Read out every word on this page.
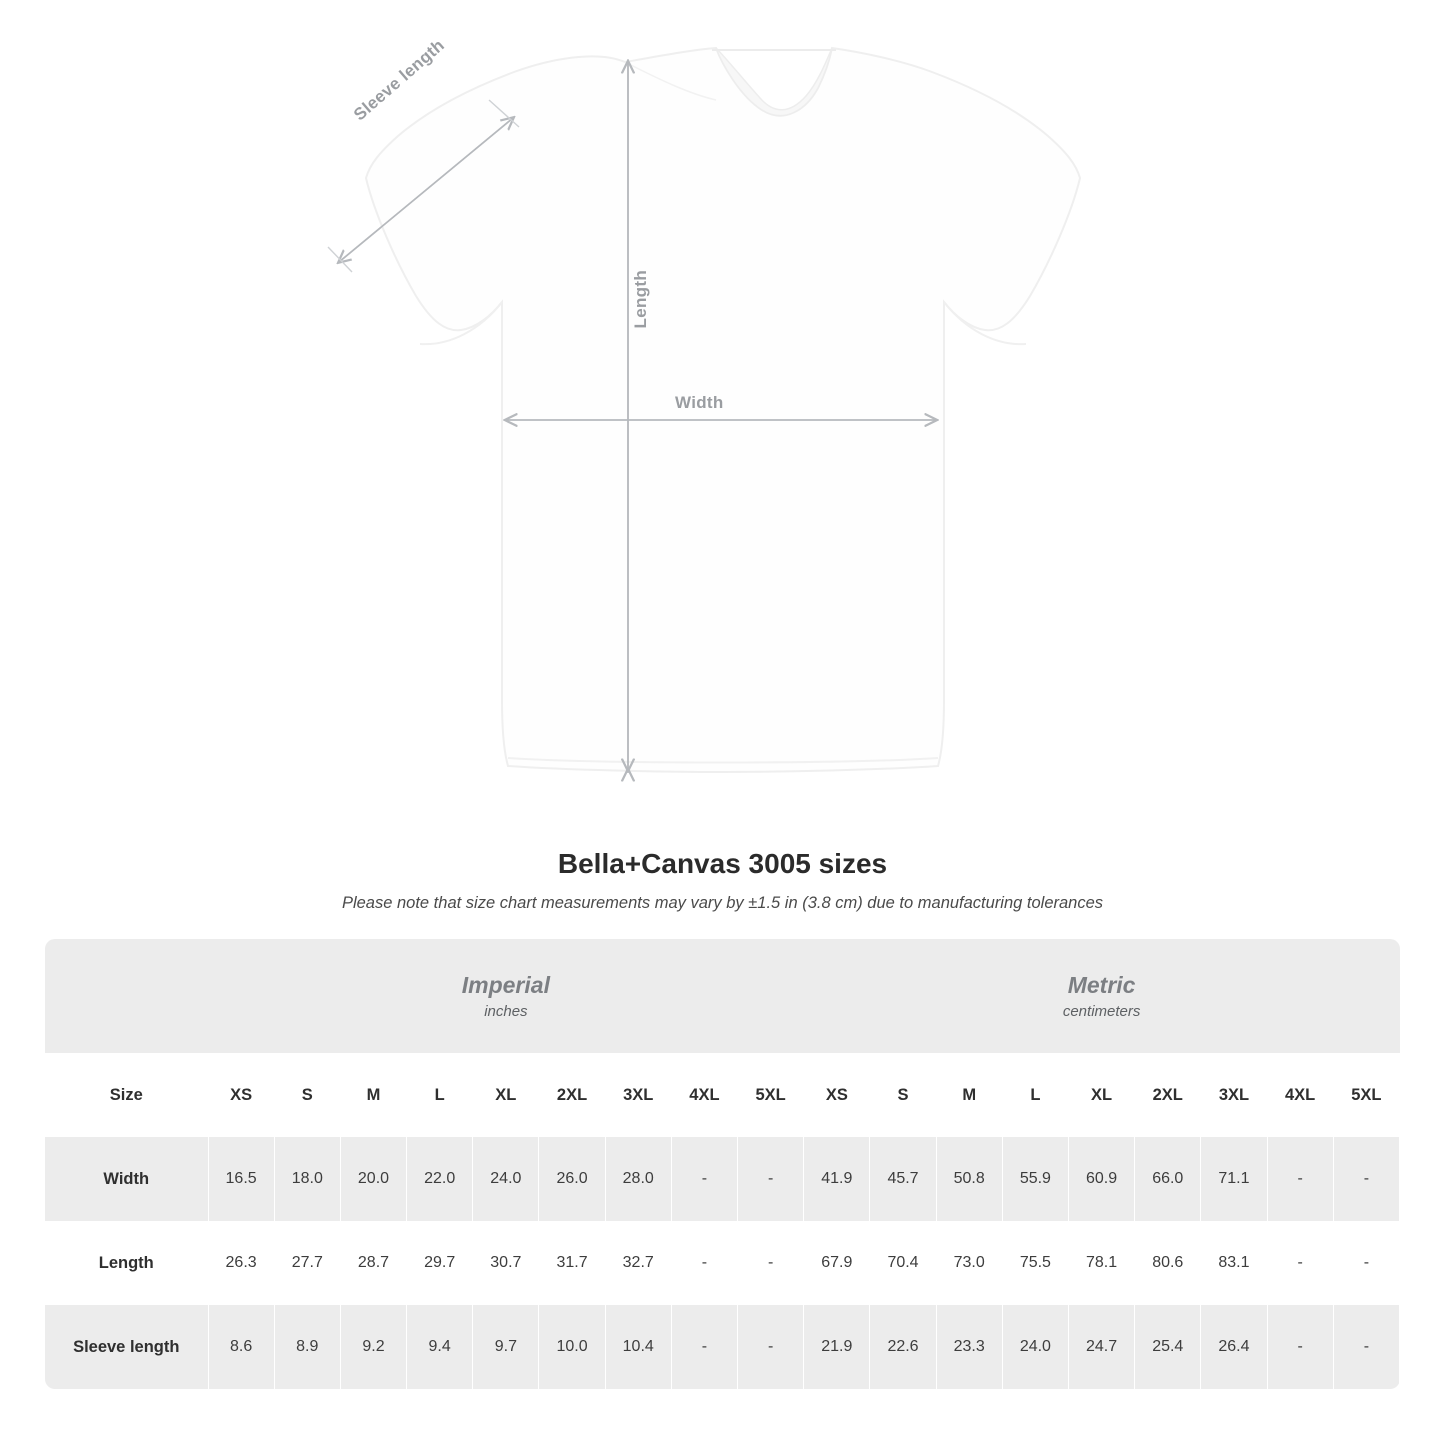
Sleeve length
Length
Width
Bella+Canvas 3005 sizes

Please note that size chart measurements may vary by ±1.5 in (3.8 cm) due to manufacturing tolerances

Imperial
inches

Metric
centimeters

Size	XS	S	M	L	XL	2XL	3XL	4XL	5XL	XS	S	M	L	XL	2XL	3XL	4XL	5XL
Width	16.5	18.0	20.0	22.0	24.0	26.0	28.0	-	-	41.9	45.7	50.8	55.9	60.9	66.0	71.1	-	-
Length	26.3	27.7	28.7	29.7	30.7	31.7	32.7	-	-	67.9	70.4	73.0	75.5	78.1	80.6	83.1	-	-
Sleeve length	8.6	8.9	9.2	9.4	9.7	10.0	10.4	-	-	21.9	22.6	23.3	24.0	24.7	25.4	26.4	-	-
